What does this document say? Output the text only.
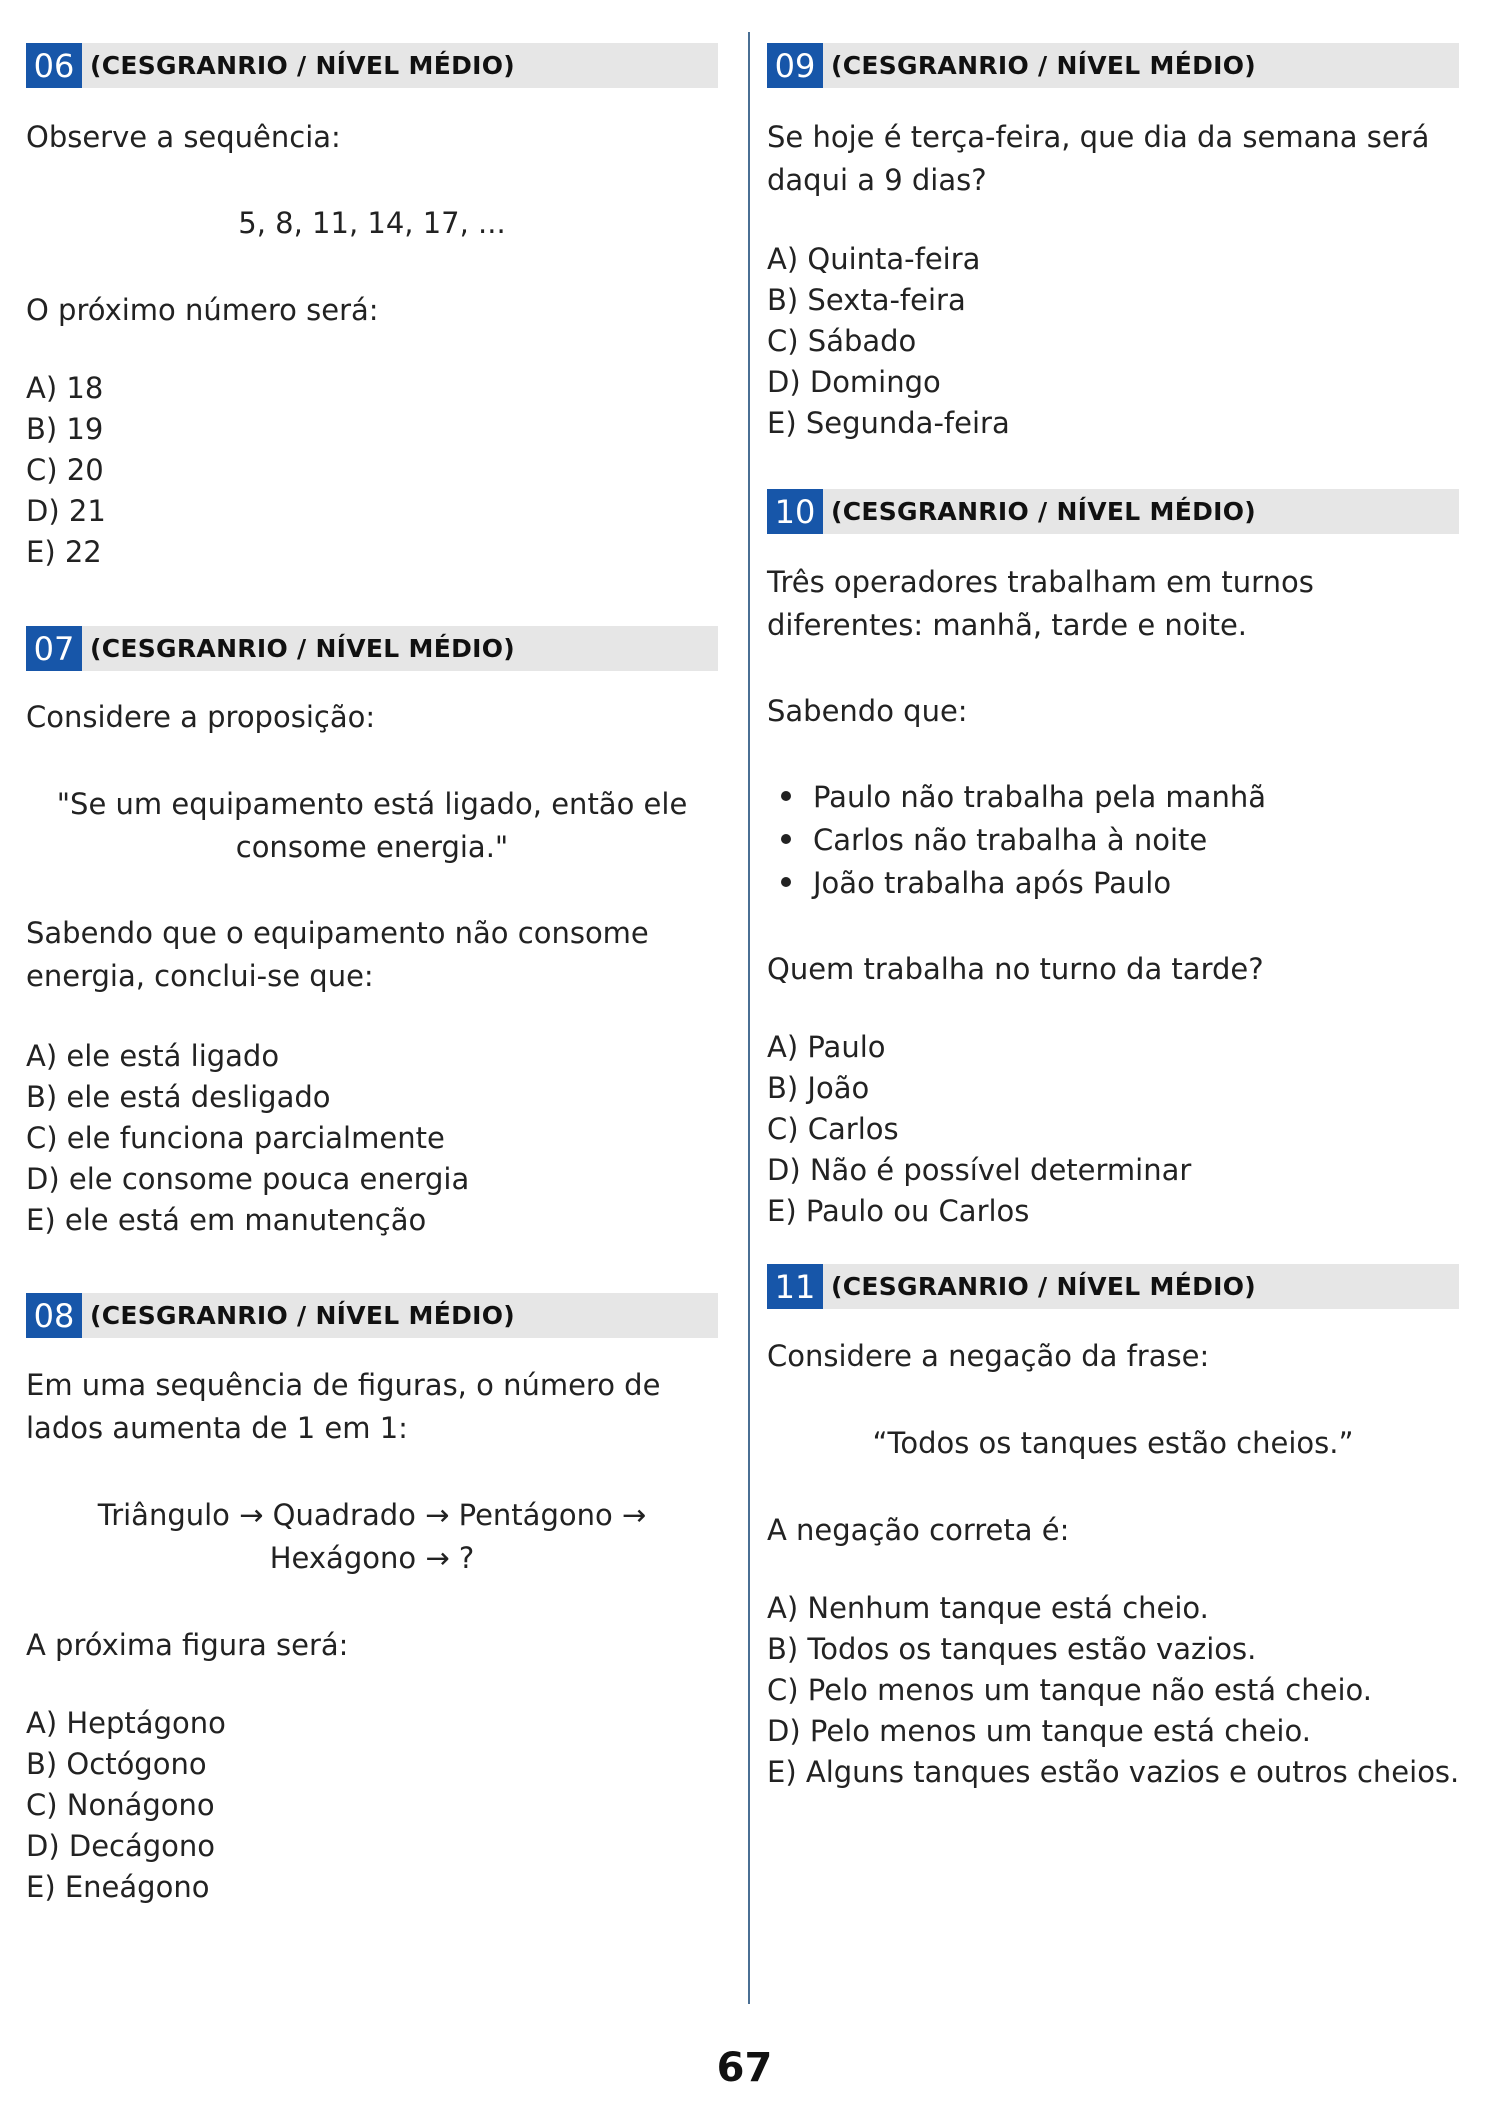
06 (CESGRANRIO / NÍVEL MÉDIO)
Observe a sequência:
5, 8, 11, 14, 17, ...
O próximo número será:
A) 18
B) 19
C) 20
D) 21
E) 22
07 (CESGRANRIO / NÍVEL MÉDIO)
Considere a proposição:
"Se um equipamento está ligado, então ele
consome energia."
Sabendo que o equipamento não consome
energia, conclui-se que:
A) ele está ligado
B) ele está desligado
C) ele funciona parcialmente
D) ele consome pouca energia
E) ele está em manutenção
08 (CESGRANRIO / NÍVEL MÉDIO)
Em uma sequência de figuras, o número de
lados aumenta de 1 em 1:
Triângulo → Quadrado → Pentágono →
Hexágono → ?
A próxima figura será:
A) Heptágono
B) Octógono
C) Nonágono
D) Decágono
E) Eneágono
09 (CESGRANRIO / NÍVEL MÉDIO)
Se hoje é terça-feira, que dia da semana será
daqui a 9 dias?
A) Quinta-feira
B) Sexta-feira
C) Sábado
D) Domingo
E) Segunda-feira
10 (CESGRANRIO / NÍVEL MÉDIO)
Três operadores trabalham em turnos
diferentes: manhã, tarde e noite.
Sabendo que:
Paulo não trabalha pela manhã
Carlos não trabalha à noite
João trabalha após Paulo
Quem trabalha no turno da tarde?
A) Paulo
B) João
C) Carlos
D) Não é possível determinar
E) Paulo ou Carlos
11 (CESGRANRIO / NÍVEL MÉDIO)
Considere a negação da frase:
“Todos os tanques estão cheios.”
A negação correta é:
A) Nenhum tanque está cheio.
B) Todos os tanques estão vazios.
C) Pelo menos um tanque não está cheio.
D) Pelo menos um tanque está cheio.
E) Alguns tanques estão vazios e outros cheios.
67
